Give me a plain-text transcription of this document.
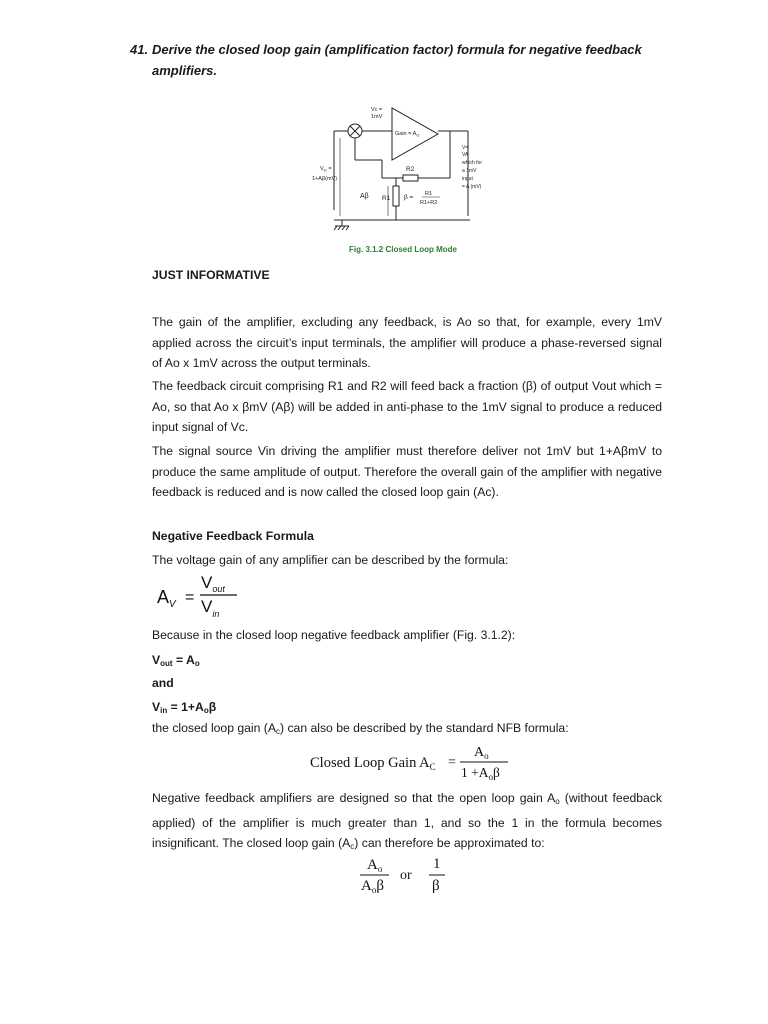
41. Derive the closed loop gain (amplification factor) formula for negative feedback
amplifiers.
Vc =
1mV
Gain = $A_O$
$V_{in}$ =
1+Aβ(mV)
Aβ
R2
R1 β = R1
R1+R2
V=
VA
which for
a 1mV
input
= A (mV)
Fig. 3.1.2 Closed Loop Mode
JUST INFORMATIVE
The gain of the amplifier, excluding any feedback, is Ao so that, for example, every 1mV applied across the circuit’s input terminals, the amplifier will produce a phase-reversed signal of Ao x 1mV across the output terminals.
The feedback circuit comprising R1 and R2 will feed back a fraction (β) of output Vout which = Ao, so that Ao x βmV (Aβ) will be added in anti-phase to the 1mV signal to produce a reduced input signal of Vc.
The signal source Vin driving the amplifier must therefore deliver not 1mV but 1+AβmV to produce the same amplitude of output. Therefore the overall gain of the amplifier with negative feedback is reduced and is now called the closed loop gain (Ac).
Negative Feedback Formula
The voltage gain of any amplifier can be described by the formula:
$A_V$ =
$V_{out}$
$V_{in}$
Because in the closed loop negative feedback amplifier (Fig. 3.1.2):
$V_{out} = A_o$
and
$V_{in} = 1+A_o\beta$
the closed loop gain $(A_c)$ can also be described by the standard NFB formula:
Closed Loop Gain $A_C$ =
$A_o$
$1 +A_o\beta$
Negative feedback amplifiers are designed so that the open loop gain $A_o$ (without feedback applied) of the amplifier is much greater than 1, and so the 1 in the formula becomes insignificant. The closed loop gain $(A_c)$ can therefore be approximated to:
$A_o$
$A_o\beta$
or
1
β
